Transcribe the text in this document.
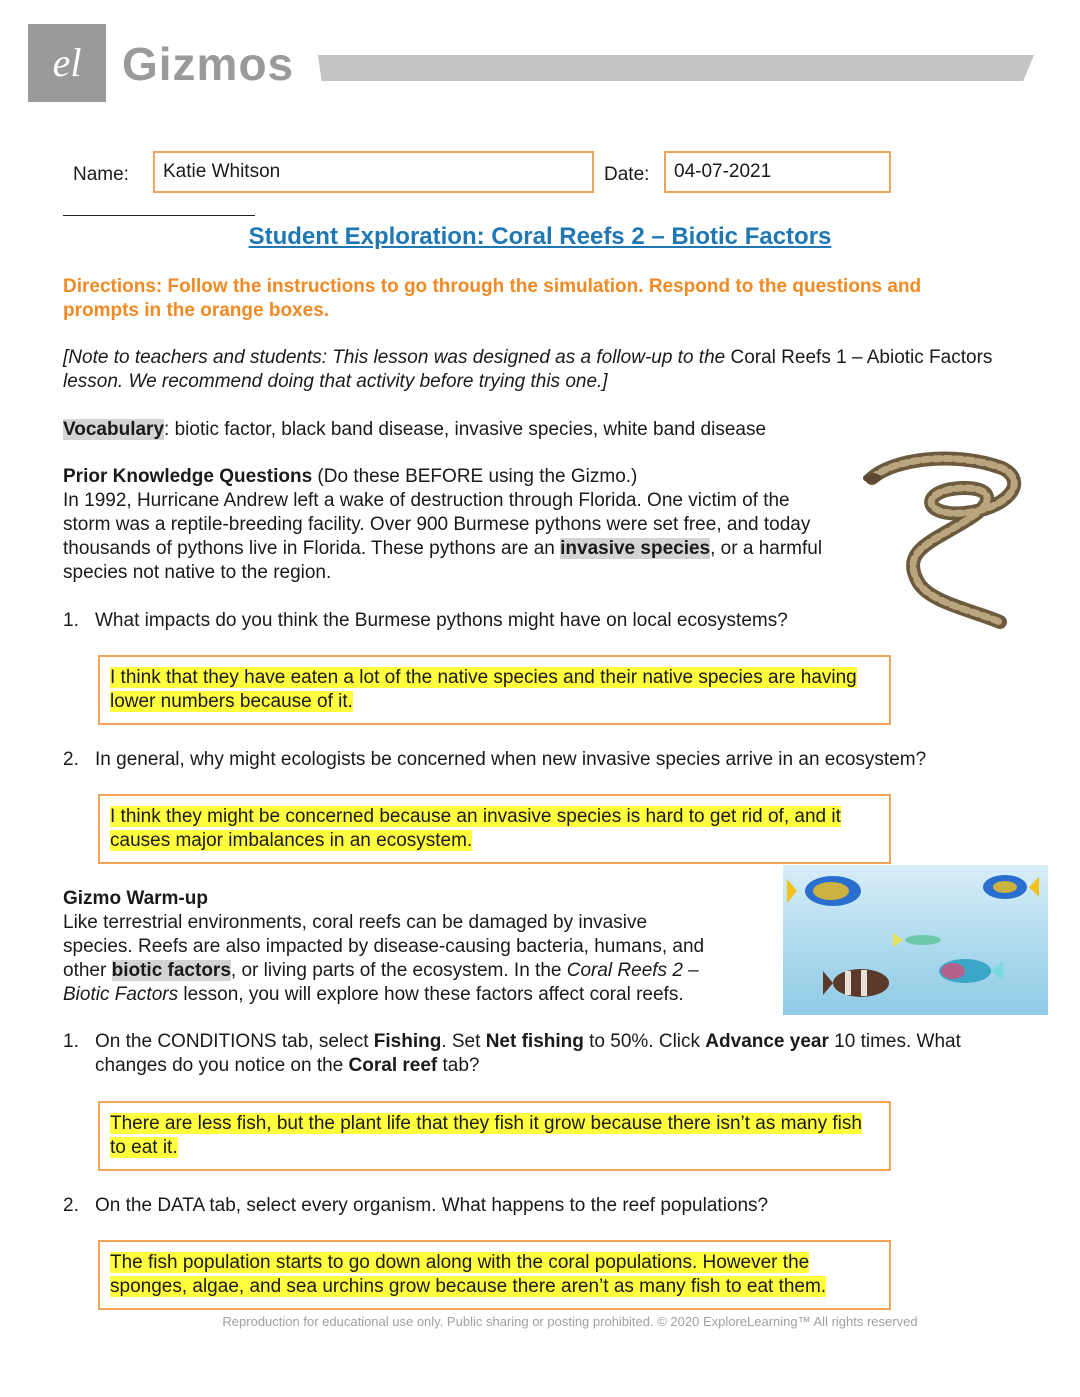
el Gizmos
Name:	Katie Whitson	Date:	04-07-2021
Student Exploration: Coral Reefs 2 – Biotic Factors
Directions: Follow the instructions to go through the simulation. Respond to the questions and
prompts in the orange boxes.
[Note to teachers and students: This lesson was designed as a follow-up to the Coral Reefs 1 – Abiotic Factors
lesson. We recommend doing that activity before trying this one.]
Vocabulary: biotic factor, black band disease, invasive species, white band disease
Prior Knowledge Questions (Do these BEFORE using the Gizmo.)
In 1992, Hurricane Andrew left a wake of destruction through Florida. One victim of the
storm was a reptile-breeding facility. Over 900 Burmese pythons were set free, and today
thousands of pythons live in Florida. These pythons are an invasive species, or a harmful
species not native to the region.
1. What impacts do you think the Burmese pythons might have on local ecosystems?
I think that they have eaten a lot of the native species and their native species are having
lower numbers because of it.
2. In general, why might ecologists be concerned when new invasive species arrive in an ecosystem?
I think they might be concerned because an invasive species is hard to get rid of, and it
causes major imbalances in an ecosystem.
Gizmo Warm-up
Like terrestrial environments, coral reefs can be damaged by invasive
species. Reefs are also impacted by disease-causing bacteria, humans, and
other biotic factors, or living parts of the ecosystem. In the Coral Reefs 2 –
Biotic Factors lesson, you will explore how these factors affect coral reefs.
1. On the CONDITIONS tab, select Fishing. Set Net fishing to 50%. Click Advance year 10 times. What
changes do you notice on the Coral reef tab?
There are less fish, but the plant life that they fish it grow because there isn’t as many fish
to eat it.
2. On the DATA tab, select every organism. What happens to the reef populations?
The fish population starts to go down along with the coral populations. However the
sponges, algae, and sea urchins grow because there aren’t as many fish to eat them.
Reproduction for educational use only. Public sharing or posting prohibited. © 2020 ExploreLearning™ All rights reserved
